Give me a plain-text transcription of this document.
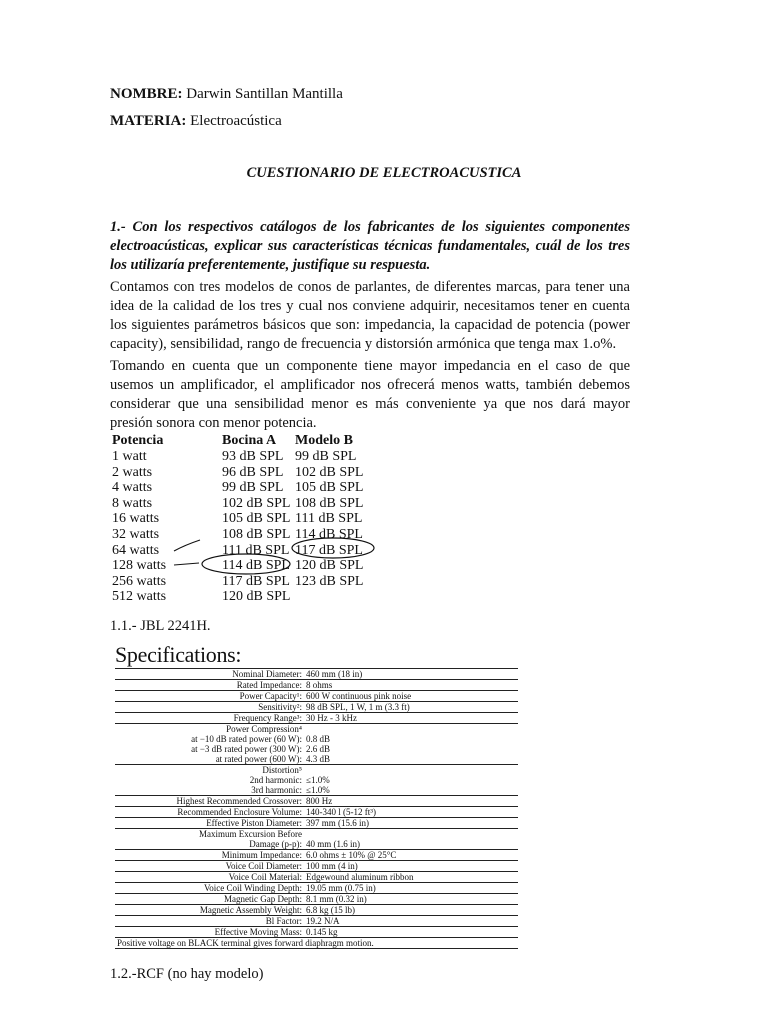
NOMBRE: Darwin Santillan Mantilla
MATERIA: Electroacústica
CUESTIONARIO DE ELECTROACUSTICA
1.- Con los respectivos catálogos de los fabricantes de los siguientes componentes electroacústicas, explicar sus características técnicas fundamentales, cuál de los tres los utilizaría preferentemente, justifique su respuesta.
Contamos con tres modelos de conos de parlantes, de diferentes marcas, para tener una idea de la calidad de los tres y cual nos conviene adquirir, necesitamos tener en cuenta los siguientes parámetros básicos que son: impedancia, la capacidad de potencia (power capacity), sensibilidad, rango de frecuencia y distorsión armónica que tenga max 1.o%.
Tomando en cuenta que un componente tiene mayor impedancia en el caso de que usemos un amplificador, el amplificador nos ofrecerá menos watts, también debemos considerar que una sensibilidad menor es más conveniente ya que nos dará mayor presión sonora con menor potencia.
Potencia	Bocina A	Modelo B
1 watt	93 dB SPL	99 dB SPL
2 watts	96 dB SPL	102 dB SPL
4 watts	99 dB SPL	105 dB SPL
8 watts	102 dB SPL	108 dB SPL
16 watts	105 dB SPL	111 dB SPL
32 watts	108 dB SPL	114 dB SPL
64 watts	111 dB SPL	117 dB SPL
128 watts	114 dB SPL	120 dB SPL
256 watts	117 dB SPL	123 dB SPL
512 watts	120 dB SPL	
1.1.- JBL 2241H.
Specifications:
Nominal Diameter:	460 mm (18 in)
Rated Impedance:	8 ohms
Power Capacity¹:	600 W continuous pink noise
Sensitivity²:	98 dB SPL, 1 W, 1 m (3.3 ft)
Frequency Range³:	30 Hz - 3 kHz
Power Compression⁴	
at −10 dB rated power (60 W):	0.8 dB
at −3 dB rated power (300 W):	2.6 dB
at rated power (600 W):	4.3 dB
Distortion⁵	
2nd harmonic:	≤1.0%
3rd harmonic:	≤1.0%
Highest Recommended Crossover:	800 Hz
Recommended Enclosure Volume:	140-340 l (5-12 ft³)
Effective Piston Diameter:	397 mm (15.6 in)
Maximum Excursion Before	
Damage (p-p):	40 mm (1.6 in)
Minimum Impedance:	6.0 ohms ± 10% @ 25°C
Voice Coil Diameter:	100 mm (4 in)
Voice Coil Material:	Edgewound aluminum ribbon
Voice Coil Winding Depth:	19.05 mm (0.75 in)
Magnetic Gap Depth:	8.1 mm (0.32 in)
Magnetic Assembly Weight:	6.8 kg (15 lb)
Bl Factor:	19.2 N/A
Effective Moving Mass:	0.145 kg
Positive voltage on BLACK terminal gives forward diaphragm motion.	
1.2.-RCF (no hay modelo)
